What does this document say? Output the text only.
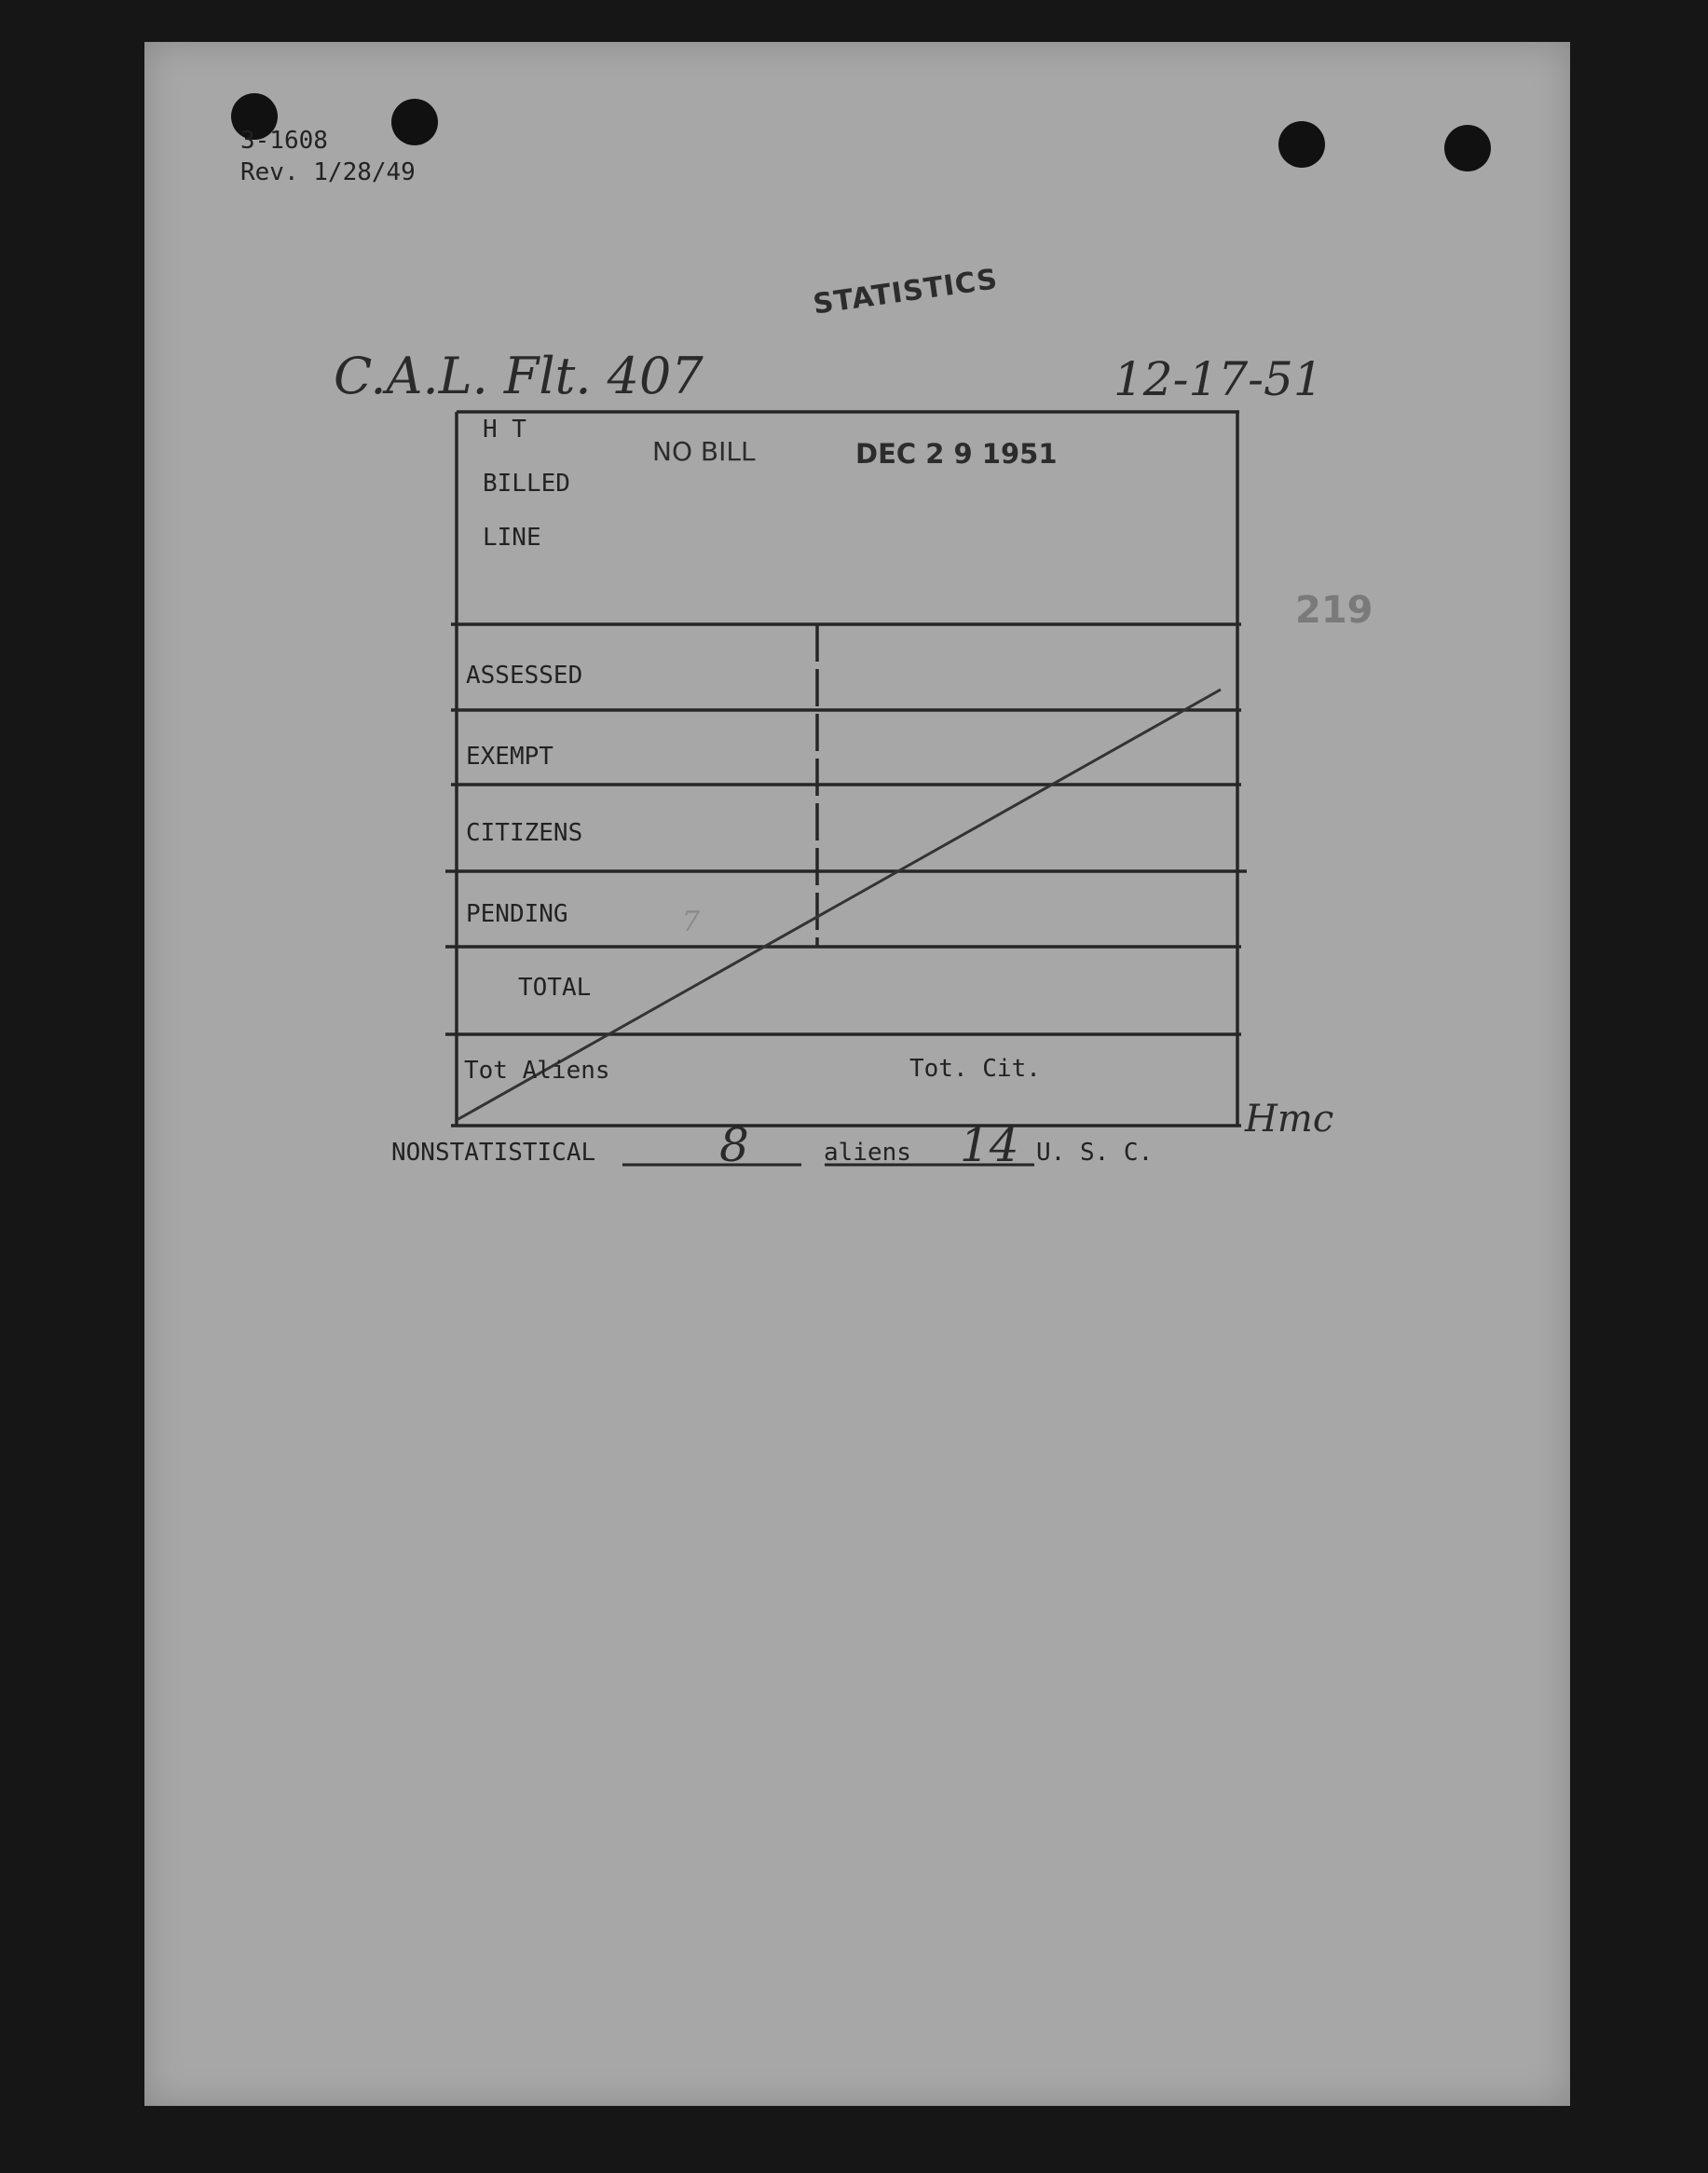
3-1608
Rev. 1/28/49
STATISTICS
C.A.L. Flt. 407	12-17-51
H T
BILLED
LINE
NO BILL	DEC 2 9 1951
219
ASSESSED
EXEMPT
CITIZENS
PENDING
TOTAL
7
Tot Aliens	Tot. Cit.
Hmc
NONSTATISTICAL	8	aliens 14 U. S. C.
